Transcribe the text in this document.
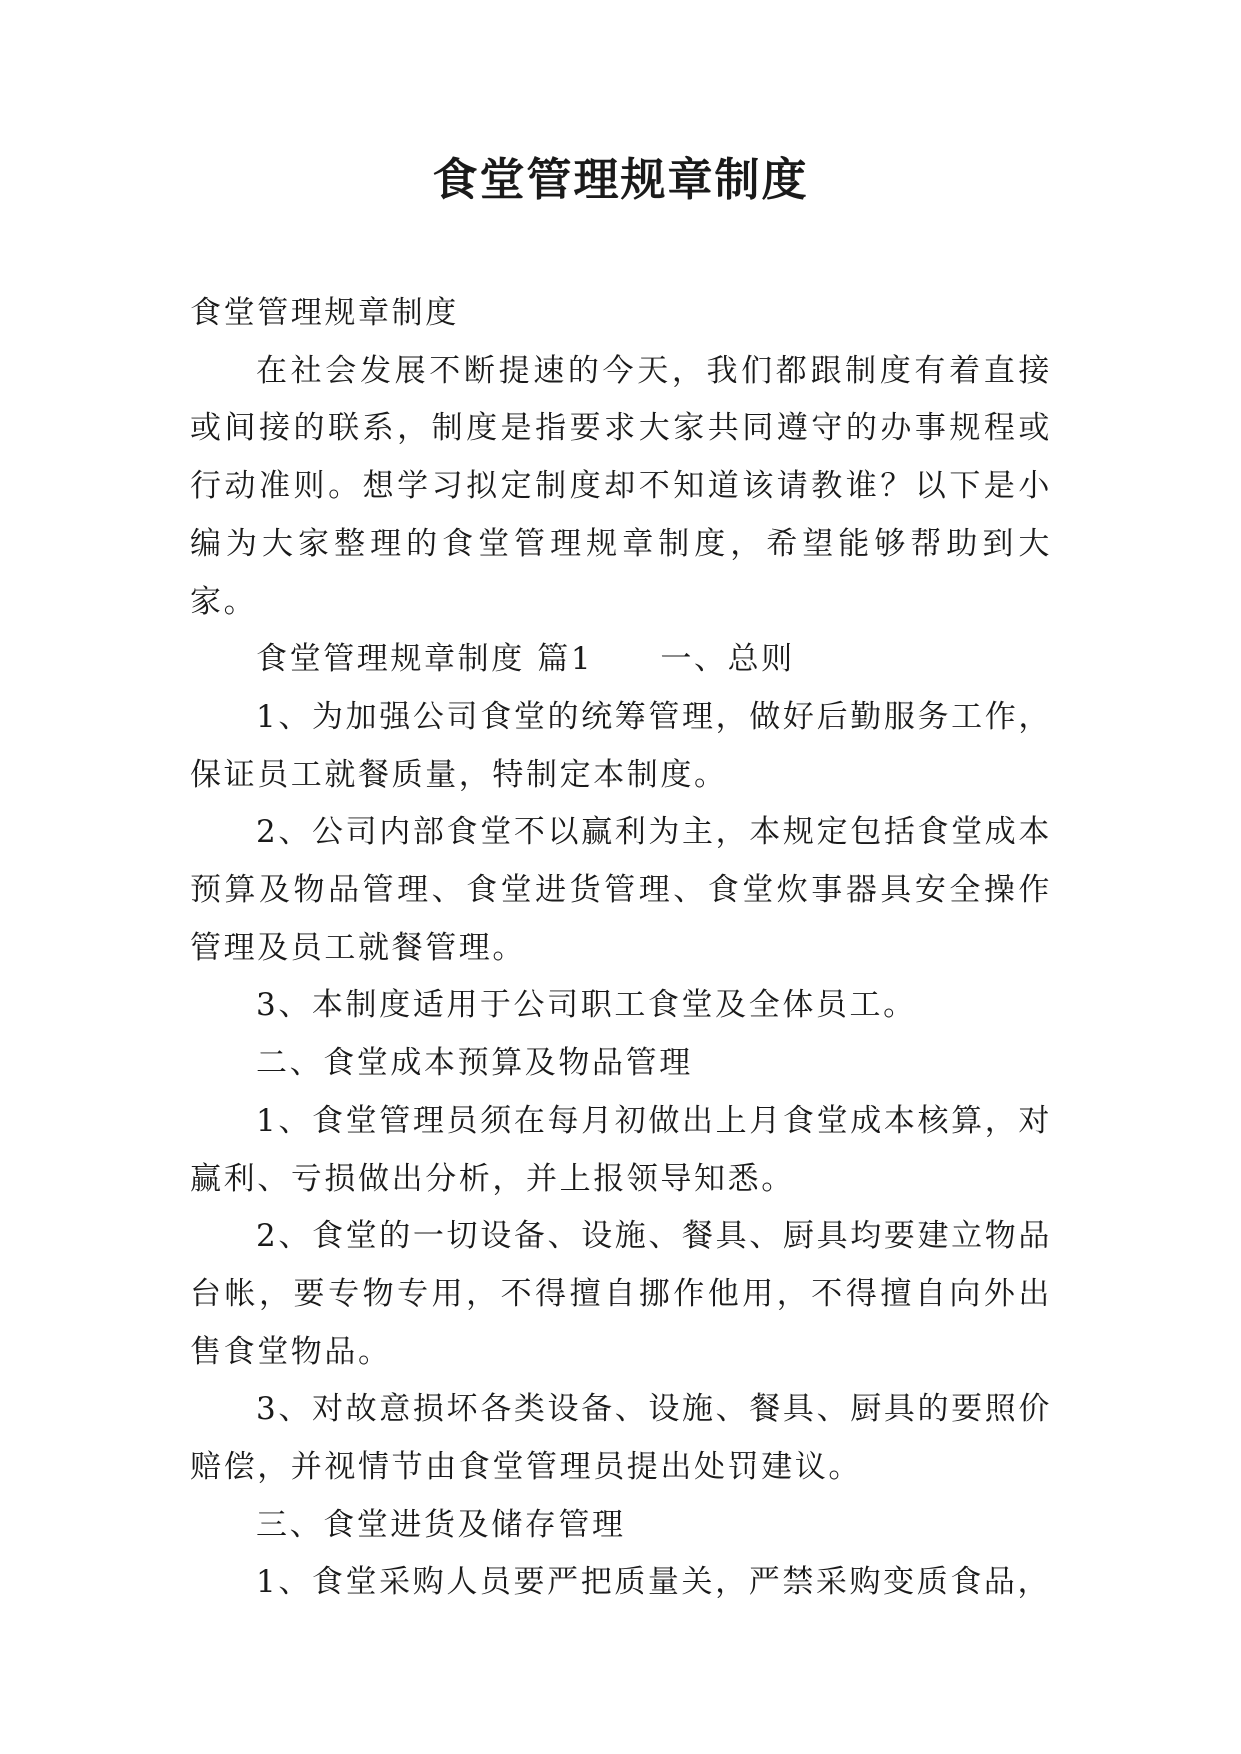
食堂管理规章制度

食堂管理规章制度

在社会发展不断提速的今天，我们都跟制度有着直接或间接的联系，制度是指要求大家共同遵守的办事规程或行动准则。想学习拟定制度却不知道该请教谁？以下是小编为大家整理的食堂管理规章制度，希望能够帮助到大家。

食堂管理规章制度 篇1　　一、总则

1、为加强公司食堂的统筹管理，做好后勤服务工作，保证员工就餐质量，特制定本制度。

2、公司内部食堂不以赢利为主，本规定包括食堂成本预算及物品管理、食堂进货管理、食堂炊事器具安全操作管理及员工就餐管理。

3、本制度适用于公司职工食堂及全体员工。

二、食堂成本预算及物品管理

1、食堂管理员须在每月初做出上月食堂成本核算，对赢利、亏损做出分析，并上报领导知悉。

2、食堂的一切设备、设施、餐具、厨具均要建立物品台帐，要专物专用，不得擅自挪作他用，不得擅自向外出售食堂物品。

3、对故意损坏各类设备、设施、餐具、厨具的要照价赔偿，并视情节由食堂管理员提出处罚建议。

三、食堂进货及储存管理

1、食堂采购人员要严把质量关，严禁采购变质食品，
